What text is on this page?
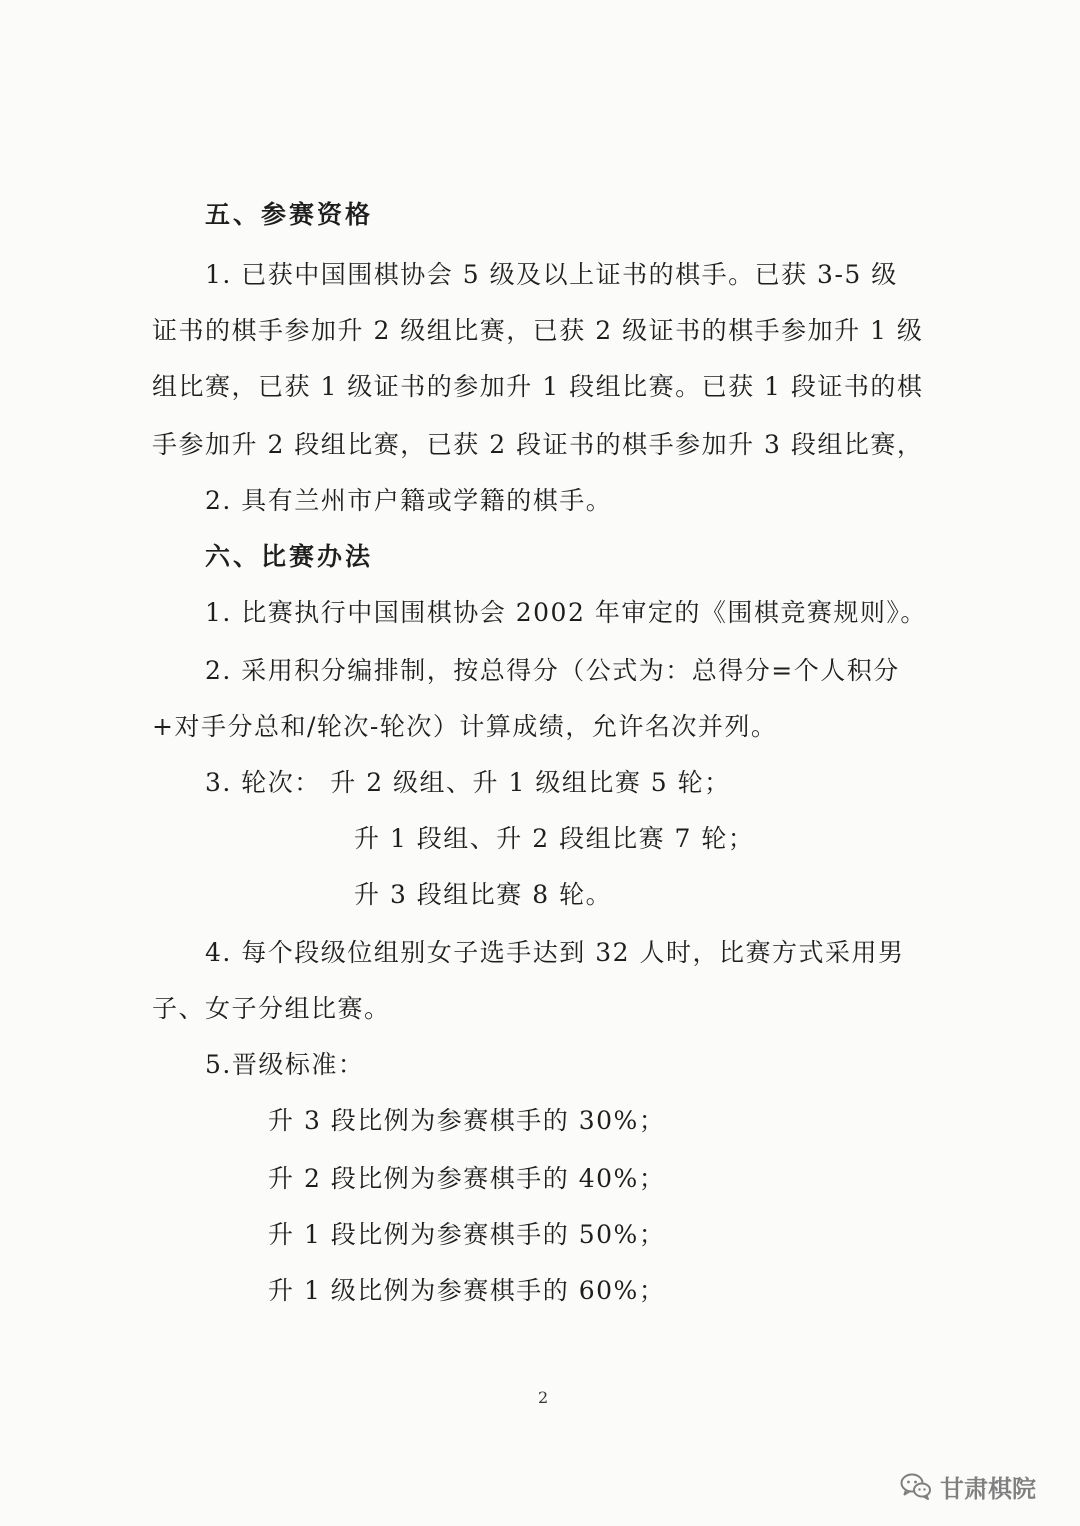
五、参赛资格
1. 已获中国围棋协会 5 级及以上证书的棋手。已获 3-5 级
证书的棋手参加升 2 级组比赛，已获 2 级证书的棋手参加升 1 级
组比赛，已获 1 级证书的参加升 1 段组比赛。已获 1 段证书的棋
手参加升 2 段组比赛，已获 2 段证书的棋手参加升 3 段组比赛，
2. 具有兰州市户籍或学籍的棋手。
六、比赛办法
1. 比赛执行中国围棋协会 2002 年审定的《围棋竞赛规则》。
2. 采用积分编排制，按总得分（公式为：总得分=个人积分
+对手分总和/轮次-轮次）计算成绩，允许名次并列。
3. 轮次： 升 2 级组、升 1 级组比赛 5 轮；
升 1 段组、升 2 段组比赛 7 轮；
升 3 段组比赛 8 轮。
4. 每个段级位组别女子选手达到 32 人时，比赛方式采用男
子、女子分组比赛。
5.晋级标准：
升 3 段比例为参赛棋手的 30%；
升 2 段比例为参赛棋手的 40%；
升 1 段比例为参赛棋手的 50%；
升 1 级比例为参赛棋手的 60%；
2
甘肃棋院
